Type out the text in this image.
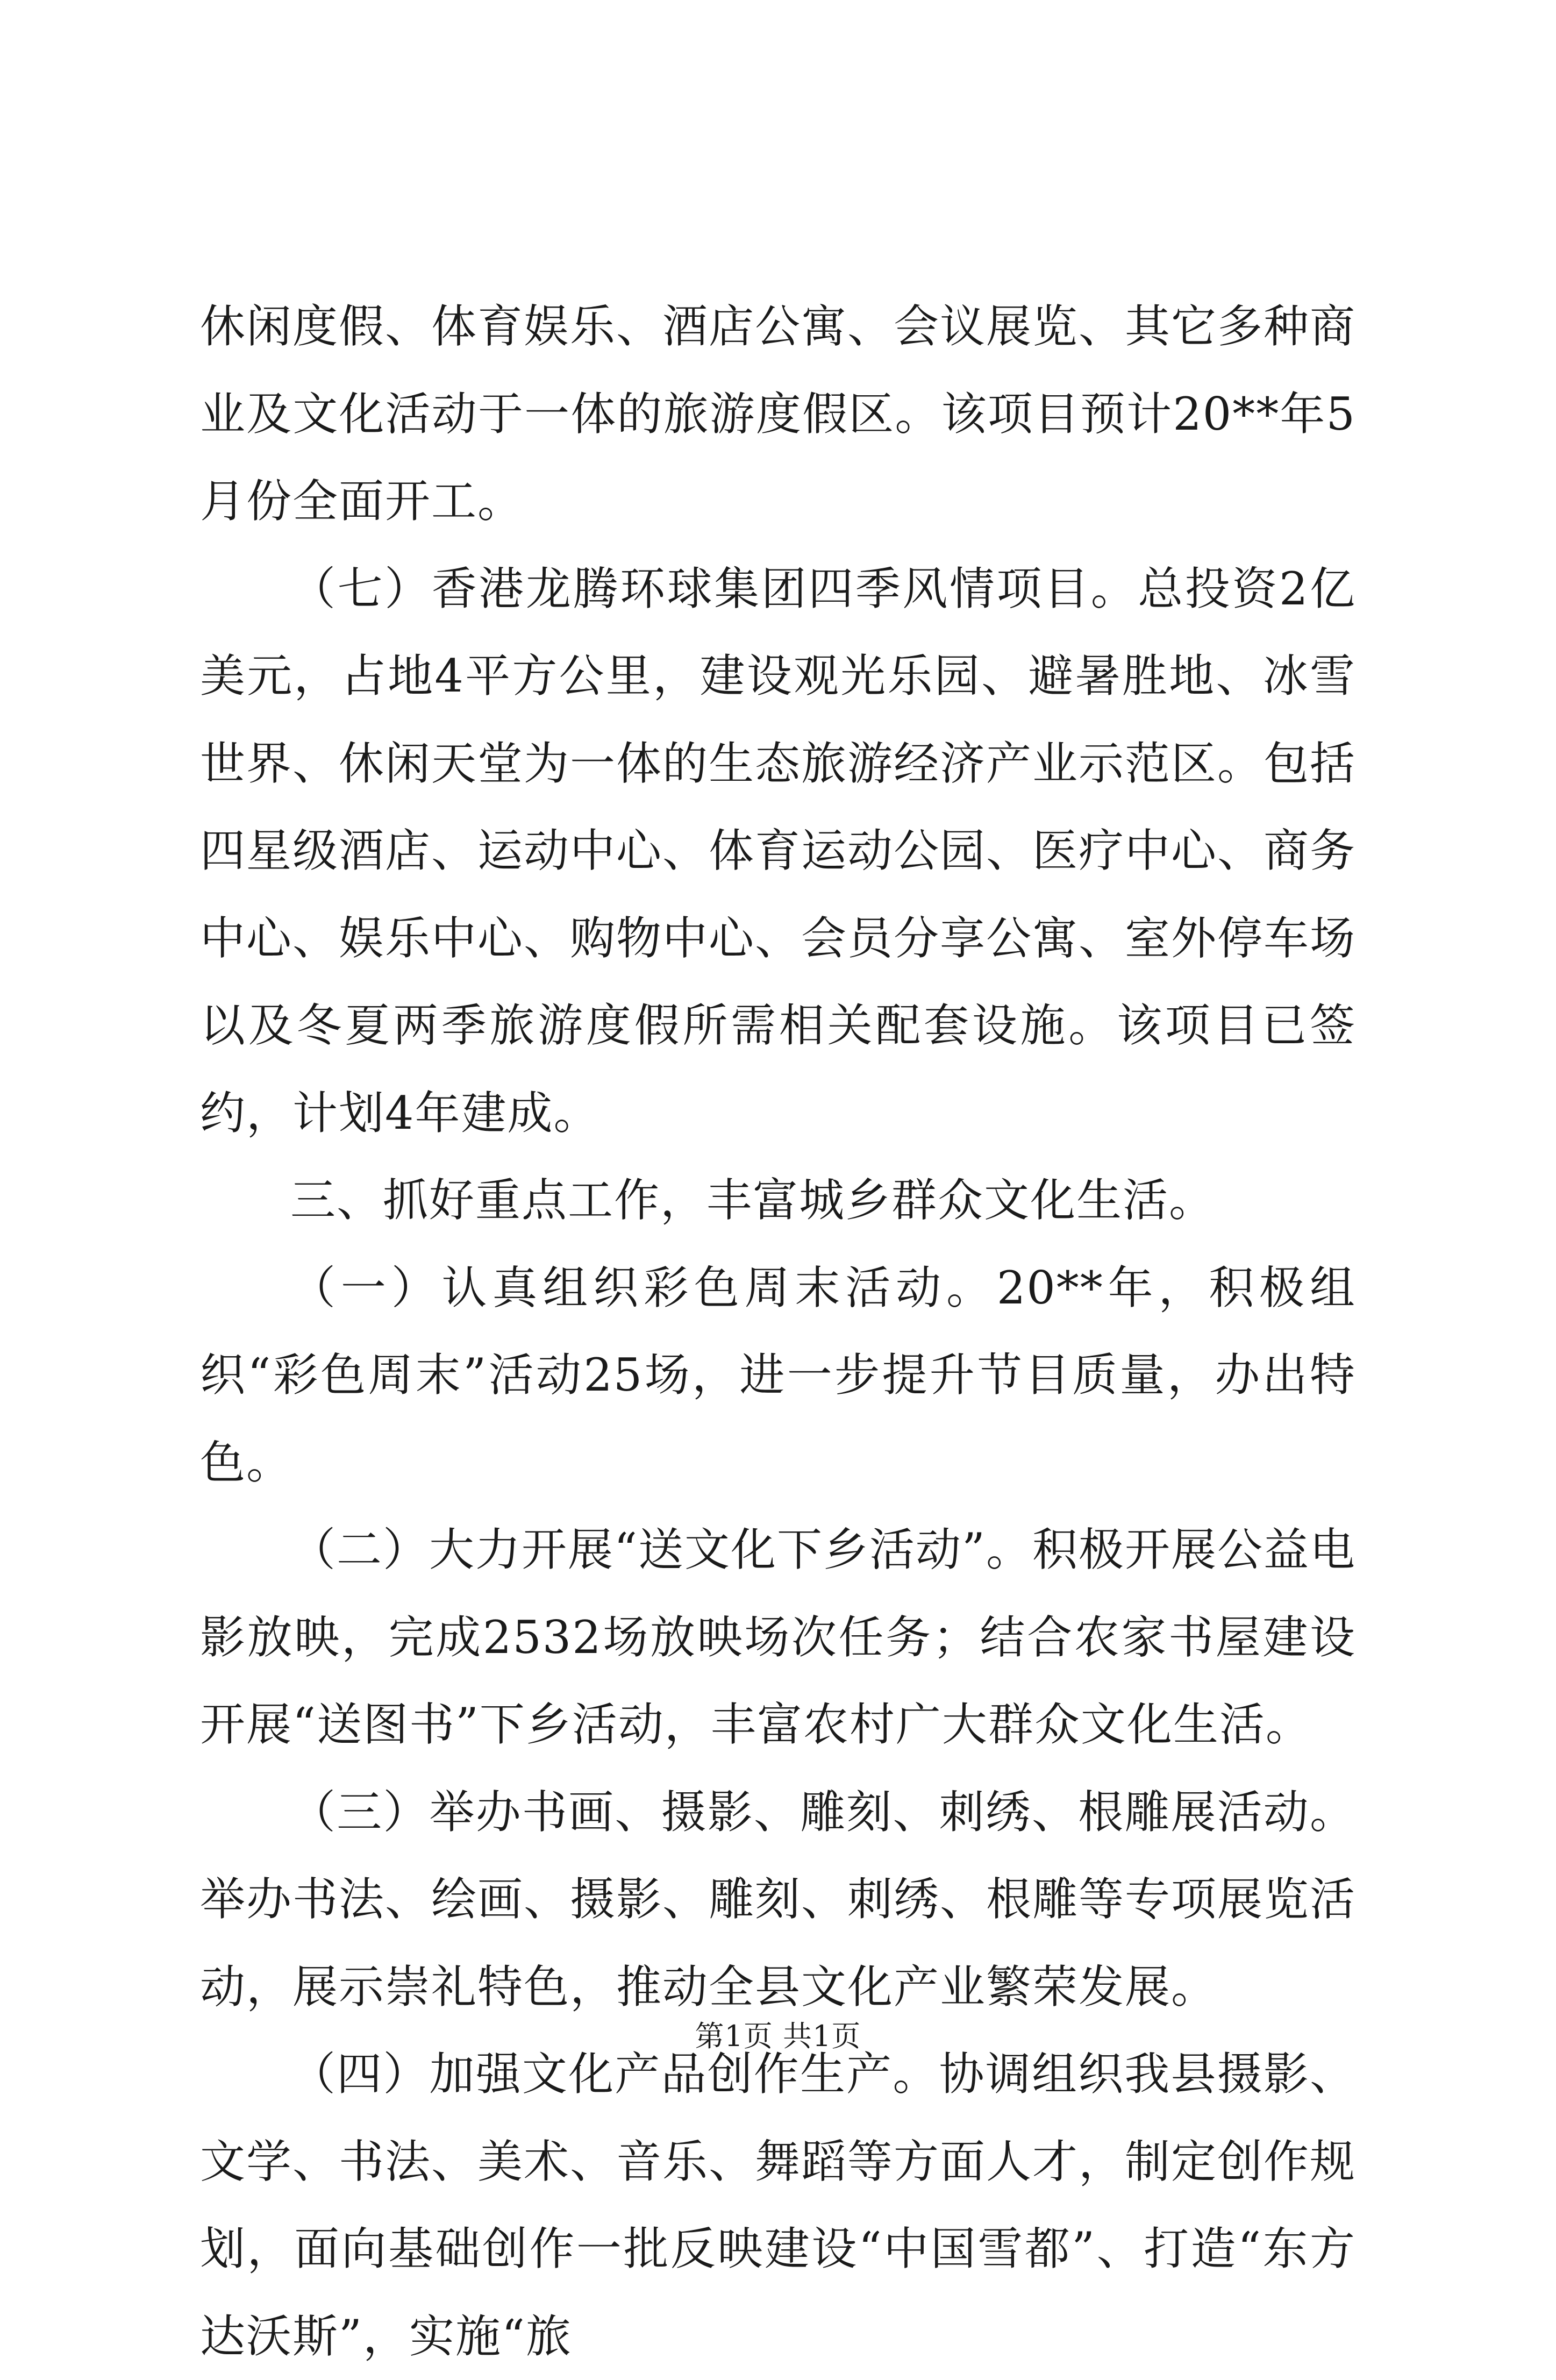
休闲度假、体育娱乐、酒店公寓、会议展览、其它多种商业及文化活动于一体的旅游度假区。该项目预计20**年5月份全面开工。

（七）香港龙腾环球集团四季风情项目。总投资2亿美元，占地4平方公里，建设观光乐园、避暑胜地、冰雪世界、休闲天堂为一体的生态旅游经济产业示范区。包括四星级酒店、运动中心、体育运动公园、医疗中心、商务中心、娱乐中心、购物中心、会员分享公寓、室外停车场以及冬夏两季旅游度假所需相关配套设施。该项目已签约，计划4年建成。

三、抓好重点工作，丰富城乡群众文化生活。

（一）认真组织彩色周末活动。20**年，积极组织“彩色周末”活动25场，进一步提升节目质量，办出特色。

（二）大力开展“送文化下乡活动”。积极开展公益电影放映，完成2532场放映场次任务；结合农家书屋建设开展“送图书”下乡活动，丰富农村广大群众文化生活。

（三）举办书画、摄影、雕刻、刺绣、根雕展活动。举办书法、绘画、摄影、雕刻、刺绣、根雕等专项展览活动，展示崇礼特色，推动全县文化产业繁荣发展。

（四）加强文化产品创作生产。协调组织我县摄影、文学、书法、美术、音乐、舞蹈等方面人才，制定创作规划，面向基础创作一批反映建设“中国雪都”、打造“东方达沃斯”，实施“旅

第1页 共1页
